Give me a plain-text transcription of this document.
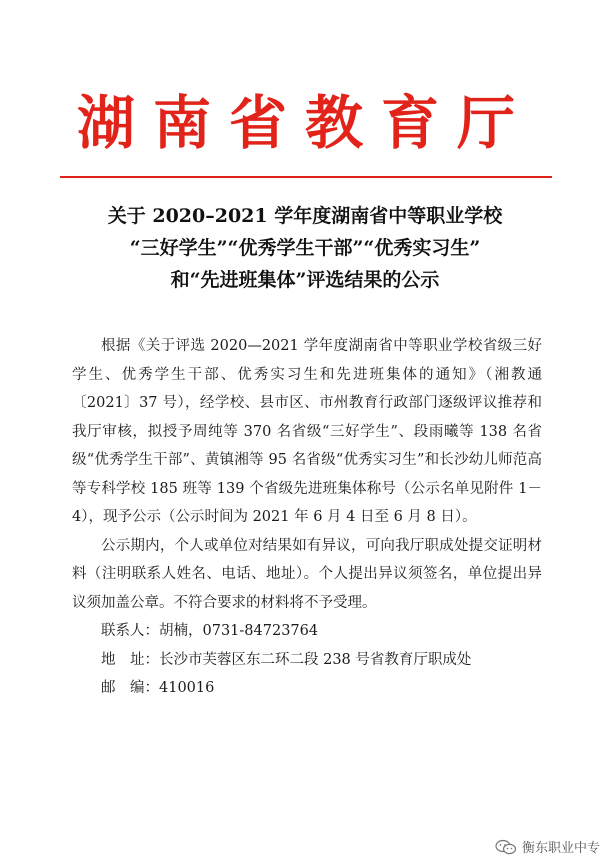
湖南省教育厅
关于 2020–2021 学年度湖南省中等职业学校
“三好学生”“优秀学生干部”“优秀实习生”
和“先进班集体”评选结果的公示

根据《关于评选 2020—2021 学年度湖南省中等职业学校省级三好学生、优秀学生干部、优秀实习生和先进班集体的通知》（湘教通〔2021〕37 号），经学校、县市区、市州教育行政部门逐级评议推荐和我厅审核，拟授予周纯等 370 名省级“三好学生”、段雨曦等 138 名省级“优秀学生干部”、黄镇湘等 95 名省级“优秀实习生”和长沙幼儿师范高等专科学校 185 班等 139 个省级先进班集体称号（公示名单见附件 1－4），现予公示（公示时间为 2021 年 6 月 4 日至 6 月 8 日）。

公示期内，个人或单位对结果如有异议，可向我厅职成处提交证明材料（注明联系人姓名、电话、地址）。个人提出异议须签名，单位提出异议须加盖公章。不符合要求的材料将不予受理。

联系人：胡楠，0731-84723764

地　址：长沙市芙蓉区东二环二段 238 号省教育厅职成处

邮　编：410016

衡东职业中专
